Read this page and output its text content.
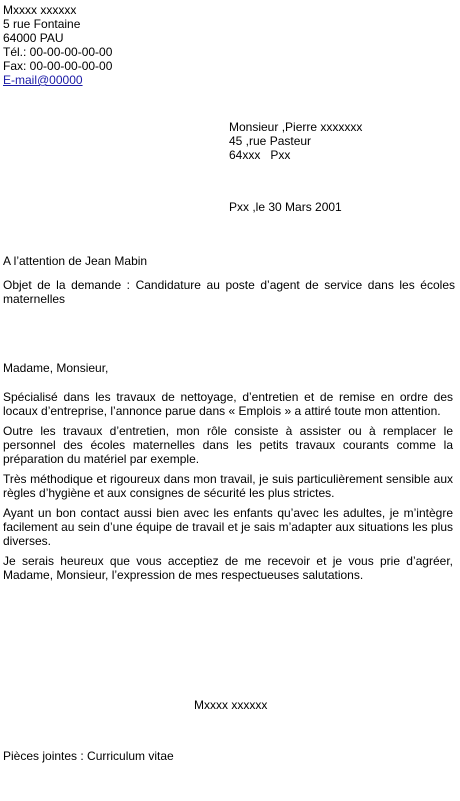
Mxxxx xxxxxx
5 rue Fontaine
64000 PAU
Tél.: 00-00-00-00-00
Fax: 00-00-00-00-00
E-mail@00000
Monsieur ,Pierre xxxxxxx
45 ,rue Pasteur
64xxx   Pxx
Pxx ,le 30 Mars 2001
A l’attention de Jean Mabin
Objet de la demande : Candidature au poste d’agent de service dans les écoles maternelles
Madame, Monsieur,
Spécialisé dans les travaux de nettoyage, d’entretien et de remise en ordre des locaux d’entreprise, l’annonce parue dans « Emplois » a attiré toute mon attention.
Outre les travaux d’entretien, mon rôle consiste à assister ou à remplacer le personnel des écoles maternelles dans les petits travaux courants comme la préparation du matériel par exemple.
Très méthodique et rigoureux dans mon travail, je suis particulièrement sensible aux règles d’hygiène et aux consignes de sécurité les plus strictes.
Ayant un bon contact aussi bien avec les enfants qu’avec les adultes, je m’intègre facilement au sein d’une équipe de travail et je sais m’adapter aux situations les plus diverses.
Je serais heureux que vous acceptiez de me recevoir et je vous prie d’agréer, Madame, Monsieur, l’expression de mes respectueuses salutations.
Mxxxx xxxxxx
Pièces jointes : Curriculum vitae
